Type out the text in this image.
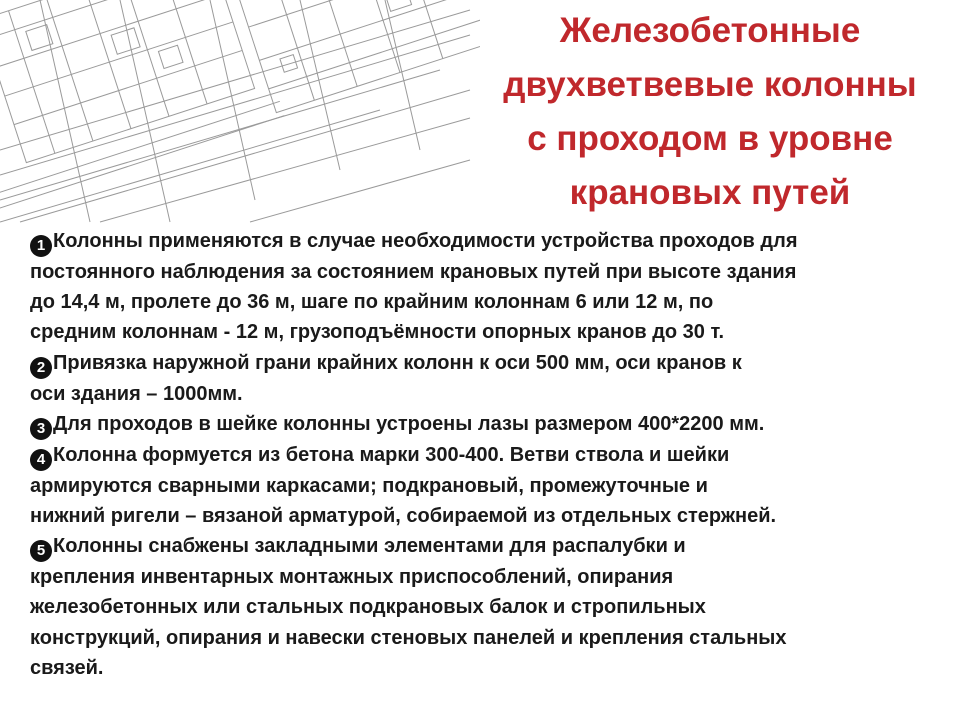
Железобетонные
двухветвевые колонны
с проходом в уровне
крановых путей
1 Колонны применяются в случае необходимости устройства проходов для
постоянного наблюдения за состоянием крановых путей при высоте здания
до 14,4 м, пролете до 36 м, шаге по крайним колоннам 6 или 12 м, по
средним колоннам - 12 м, грузоподъёмности опорных кранов до 30 т.
2 Привязка наружной грани крайних колонн к оси 500 мм, оси кранов к
оси здания – 1000мм.
3 Для проходов в шейке колонны устроены лазы размером 400*2200 мм.
4 Колонна формуется из бетона марки 300-400. Ветви ствола и шейки
армируются сварными каркасами; подкрановый, промежуточные и
нижний ригели – вязаной арматурой, собираемой из отдельных стержней.
5 Колонны снабжены закладными элементами для распалубки и
крепления инвентарных монтажных приспособлений, опирания
железобетонных или стальных подкрановых балок и стропильных
конструкций, опирания и навески стеновых панелей и крепления стальных
связей.
